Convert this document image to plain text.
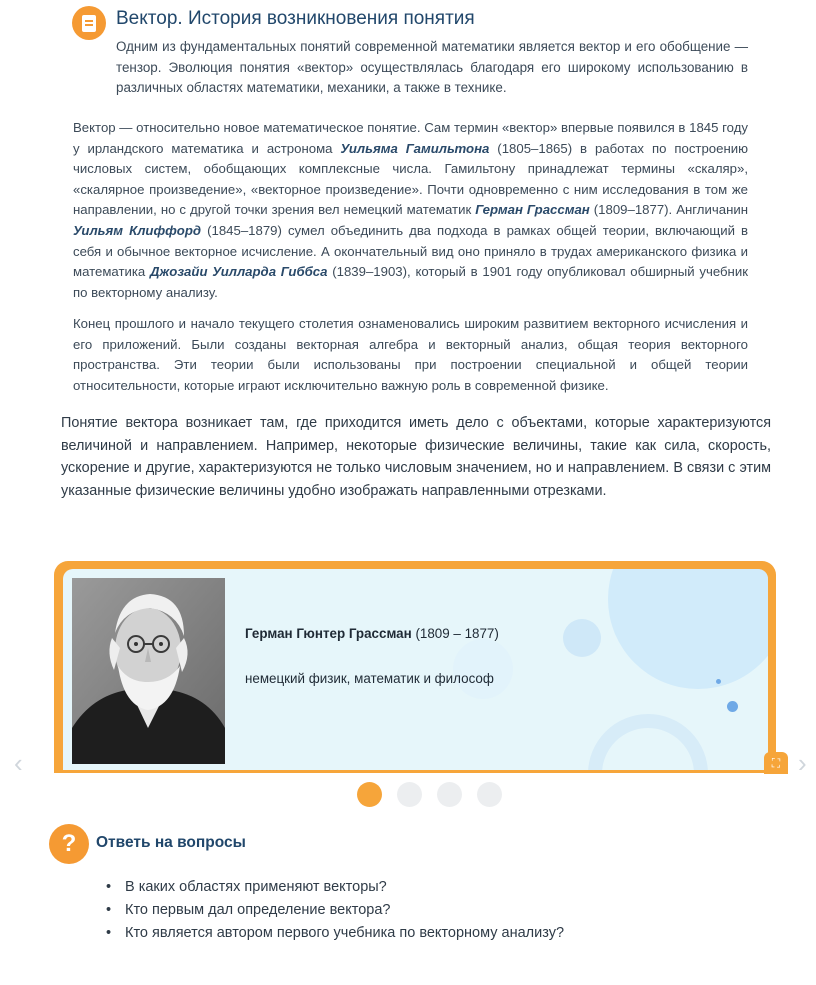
Вектор. История возникновения понятия

Одним из фундаментальных понятий современной математики является вектор и его обобщение — тензор. Эволюция понятия «вектор» осуществлялась благодаря его широкому использованию в различных областях математики, механики, а также в технике.

Вектор — относительно новое математическое понятие. Сам термин «вектор» впервые появился в 1845 году у ирландского математика и астронома Уильяма Гамильтона (1805–1865) в работах по построению числовых систем, обобщающих комплексные числа. Гамильтону принадлежат термины «скаляр», «скалярное произведение», «векторное произведение». Почти одновременно с ним исследования в том же направлении, но с другой точки зрения вел немецкий математик Герман Грассман (1809–1877). Англичанин Уильям Клиффорд (1845–1879) сумел объединить два подхода в рамках общей теории, включающий в себя и обычное векторное исчисление. А окончательный вид оно приняло в трудах американского физика и математика Джозайи Уилларда Гиббса (1839–1903), который в 1901 году опубликовал обширный учебник по векторному анализу.

Конец прошлого и начало текущего столетия ознаменовались широким развитием векторного исчисления и его приложений. Были созданы векторная алгебра и векторный анализ, общая теория векторного пространства. Эти теории были использованы при построении специальной и общей теории относительности, которые играют исключительно важную роль в современной физике.

Понятие вектора возникает там, где приходится иметь дело с объектами, которые характеризуются величиной и направлением. Например, некоторые физические величины, такие как сила, скорость, ускорение и другие, характеризуются не только числовым значением, но и направлением. В связи с этим указанные физические величины удобно изображать направленными отрезками.

Герман Гюнтер Грассман (1809 – 1877)
немецкий физик, математик и философ
⛶
‹	›
?	Ответь на вопросы
• В каких областях применяют векторы?
• Кто первым дал определение вектора?
• Кто является автором первого учебника по векторному анализу?
